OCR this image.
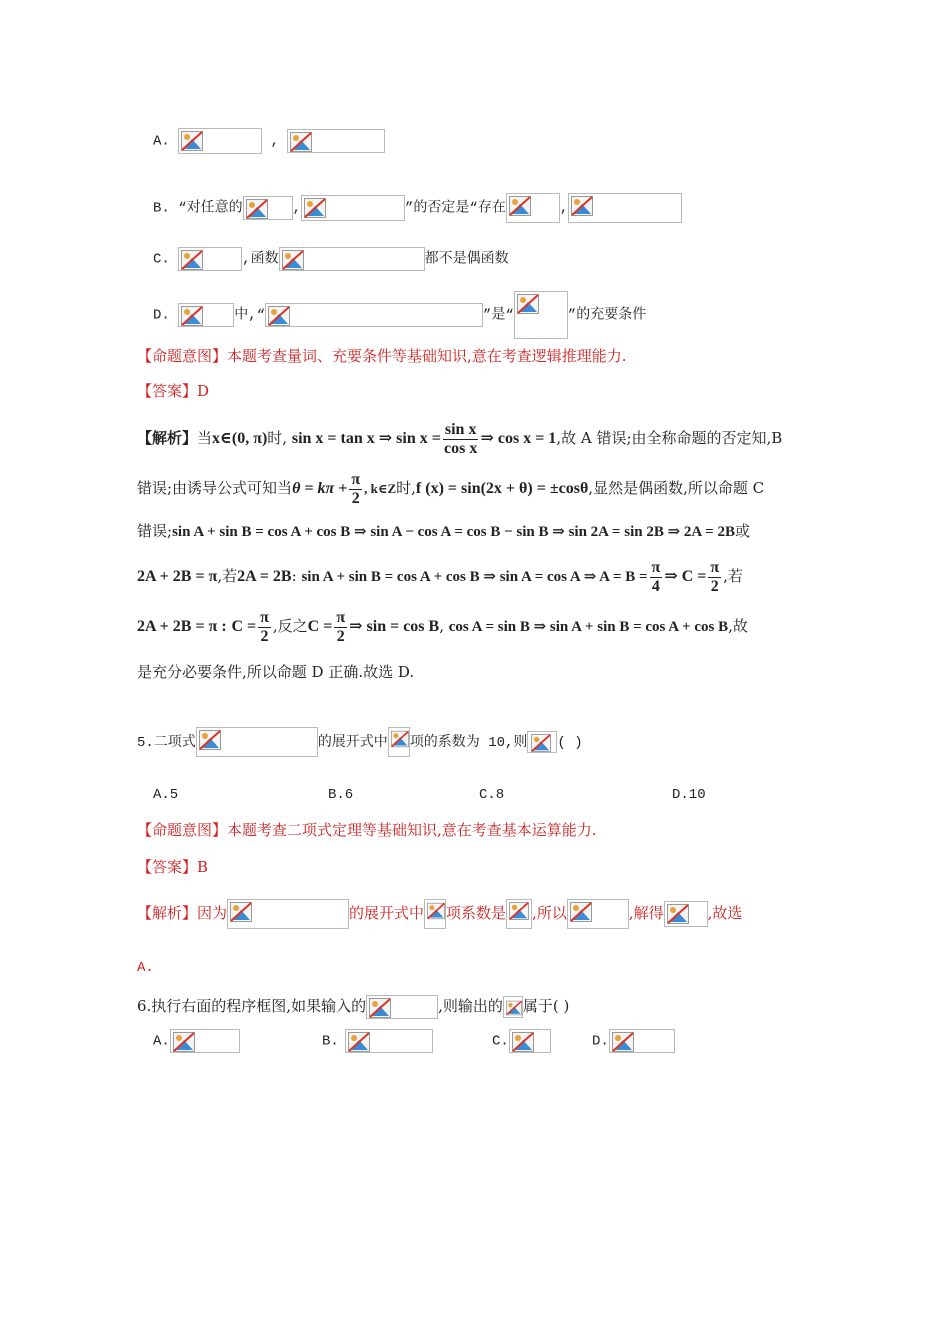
A.	,
B. “对任意的	,	”的否定是“存在	,
C.	,函数	都不是偶函数
D.	中,“	”是“	”的充要条件
【命题意图】本题考查量词、充要条件等基础知识,意在考查逻辑推理能力.
【答案】D
【解析】当x∈(0, π)时, sin x = tan x ⇒ $\sin x = \frac{\text{sin x}}{\text{cos x}}$ ⇒ cos x = 1,故 A 错误;由全称命题的否定知,B
错误;由诱导公式可知当$\theta = k\pi + \frac{\pi}{2}$ , k∈Z时,f (x) = sin(2x + θ) = ±cosθ,显然是偶函数,所以命题 C
错误;sin A + sin B = cos A + cos B ⇒ sin A − cos A = cos B − sin B ⇒ sin 2A = sin 2B ⇒ 2A = 2B或
2A + 2B = π,若2A = 2B: sin A + sin B = cos A + cos B ⇒ sin A = cos A ⇒ $A = B = \frac{\pi}{4}$ ⇒ $C = \frac{\pi}{2}$ ,若
2A + 2B = π : $C = \frac{\pi}{2}$ ,反之$C = \frac{\pi}{2}$ ⇒ sin = cos B, cos A = sin B ⇒ sin A + sin B = cos A + cos B,故
是充分必要条件,所以命题 D 正确.故选 D.
5.二项式	的展开式中 项的系数为 10,则 ( )
A.5	B.6	C.8	D.10
【命题意图】本题考查二项式定理等基础知识,意在考查基本运算能力.
【答案】B
【解析】因为	的展开式中 项系数是 ,所以	,解得	,故选
A.
6.执行右面的程序框图,如果输入的	,则输出的 属于( )
A.	B.	C.	D.
